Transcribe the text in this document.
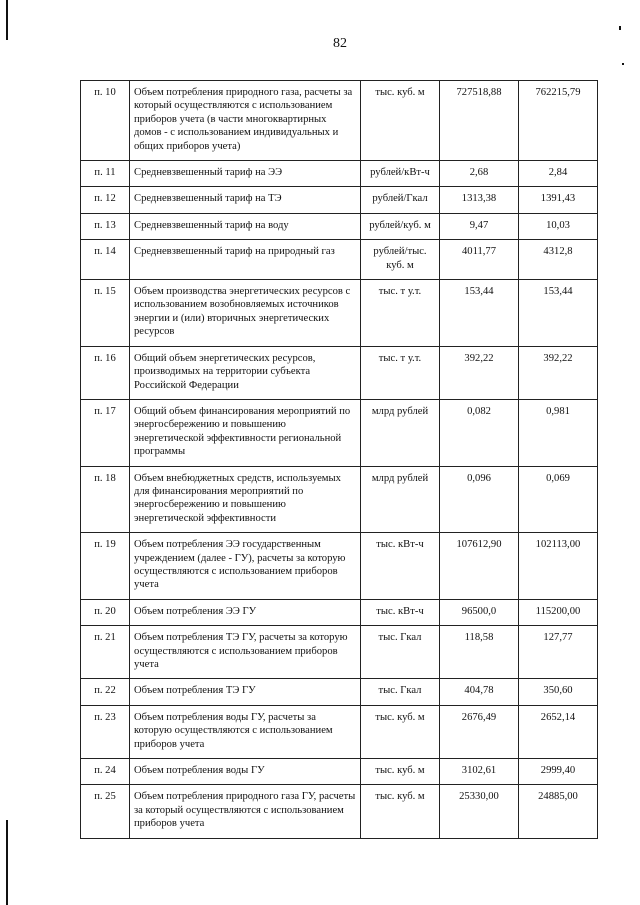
82
п. 10	Объем потребления природного газа, расчеты за который осуществляются с использованием приборов учета (в части многоквартирных домов - с использованием индивидуальных и общих приборов учета)	тыс. куб. м	727518,88	762215,79
п. 11	Средневзвешенный тариф на ЭЭ	рублей/кВт-ч	2,68	2,84
п. 12	Средневзвешенный тариф на ТЭ	рублей/Гкал	1313,38	1391,43
п. 13	Средневзвешенный тариф на воду	рублей/куб. м	9,47	10,03
п. 14	Средневзвешенный тариф на природный газ	рублей/тыс. куб. м	4011,77	4312,8
п. 15	Объем производства энергетических ресурсов с использованием возобновляемых источников энергии и (или) вторичных энергетических ресурсов	тыс. т у.т.	153,44	153,44
п. 16	Общий объем энергетических ресурсов, производимых на территории субъекта Российской Федерации	тыс. т у.т.	392,22	392,22
п. 17	Общий объем финансирования мероприятий по энергосбережению и повышению энергетической эффективности региональной программы	млрд рублей	0,082	0,981
п. 18	Объем внебюджетных средств, используемых для финансирования мероприятий по энергосбережению и повышению энергетической эффективности	млрд рублей	0,096	0,069
п. 19	Объем потребления ЭЭ государственным учреждением (далее - ГУ), расчеты за которую осуществляются с использованием приборов учета	тыс. кВт-ч	107612,90	102113,00
п. 20	Объем потребления ЭЭ ГУ	тыс. кВт-ч	96500,0	115200,00
п. 21	Объем потребления ТЭ ГУ, расчеты за которую осуществляются с использованием приборов учета	тыс. Гкал	118,58	127,77
п. 22	Объем потребления ТЭ ГУ	тыс. Гкал	404,78	350,60
п. 23	Объем потребления воды ГУ, расчеты за которую осуществляются с использованием приборов учета	тыс. куб. м	2676,49	2652,14
п. 24	Объем потребления воды ГУ	тыс. куб. м	3102,61	2999,40
п. 25	Объем потребления природного газа ГУ, расчеты за который осуществляются с использованием приборов учета	тыс. куб. м	25330,00	24885,00
